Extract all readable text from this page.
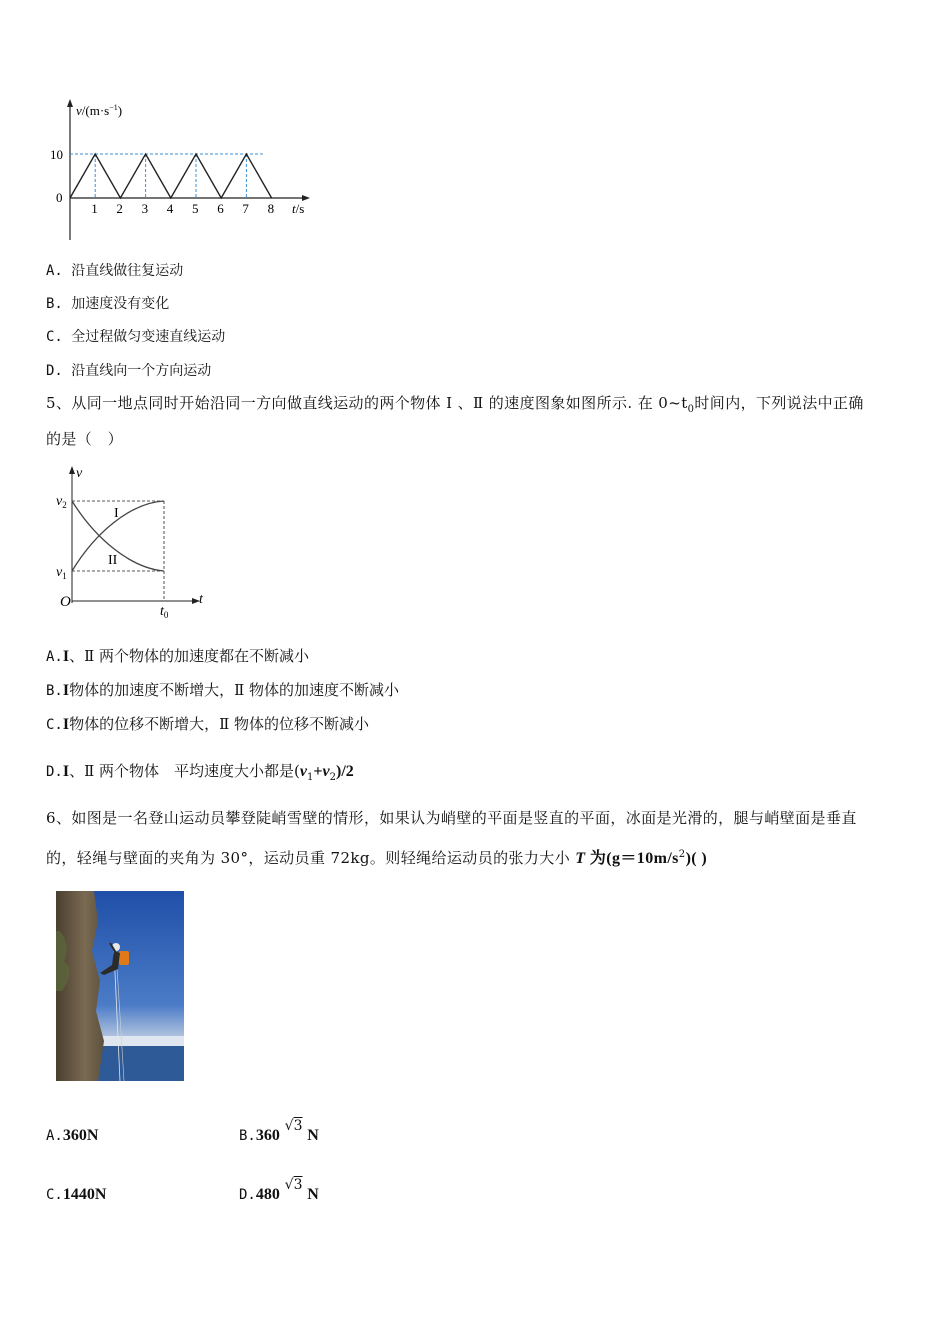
$v/(m\cdot s^{-1})$
10
0
1 2 3 4 5 6 7 8 t/s
A. 沿直线做往复运动
B. 加速度没有变化
C. 全过程做匀变速直线运动
D. 沿直线向一个方向运动
5、从同一地点同时开始沿同一方向做直线运动的两个物体 Ⅰ 、Ⅱ 的速度图象如图所示. 在 $0\sim t_0$时间内，下列说法中正确
的是（　）
v
$v_2$
$v_1$
O
$t_0$
t
I
II
A.I、Ⅱ 两个物体的加速度都在不断减小
B.I物体的加速度不断增大，Ⅱ 物体的加速度不断减小
C.I物体的位移不断增大，Ⅱ 物体的位移不断减小
D.I、Ⅱ 两个物体　平均速度大小都是$(v_1+v_2)/2$
6、如图是一名登山运动员攀登陡峭雪壁的情形，如果认为峭壁的平面是竖直的平面，冰面是光滑的，腿与峭壁面是垂直
的，轻绳与壁面的夹角为 30°，运动员重 72kg。则轻绳给运动员的张力大小 T 为$(g=10m/s^2)$( )
A.360N	B.360 √3 N
C.1440N	D.480 √3 N
